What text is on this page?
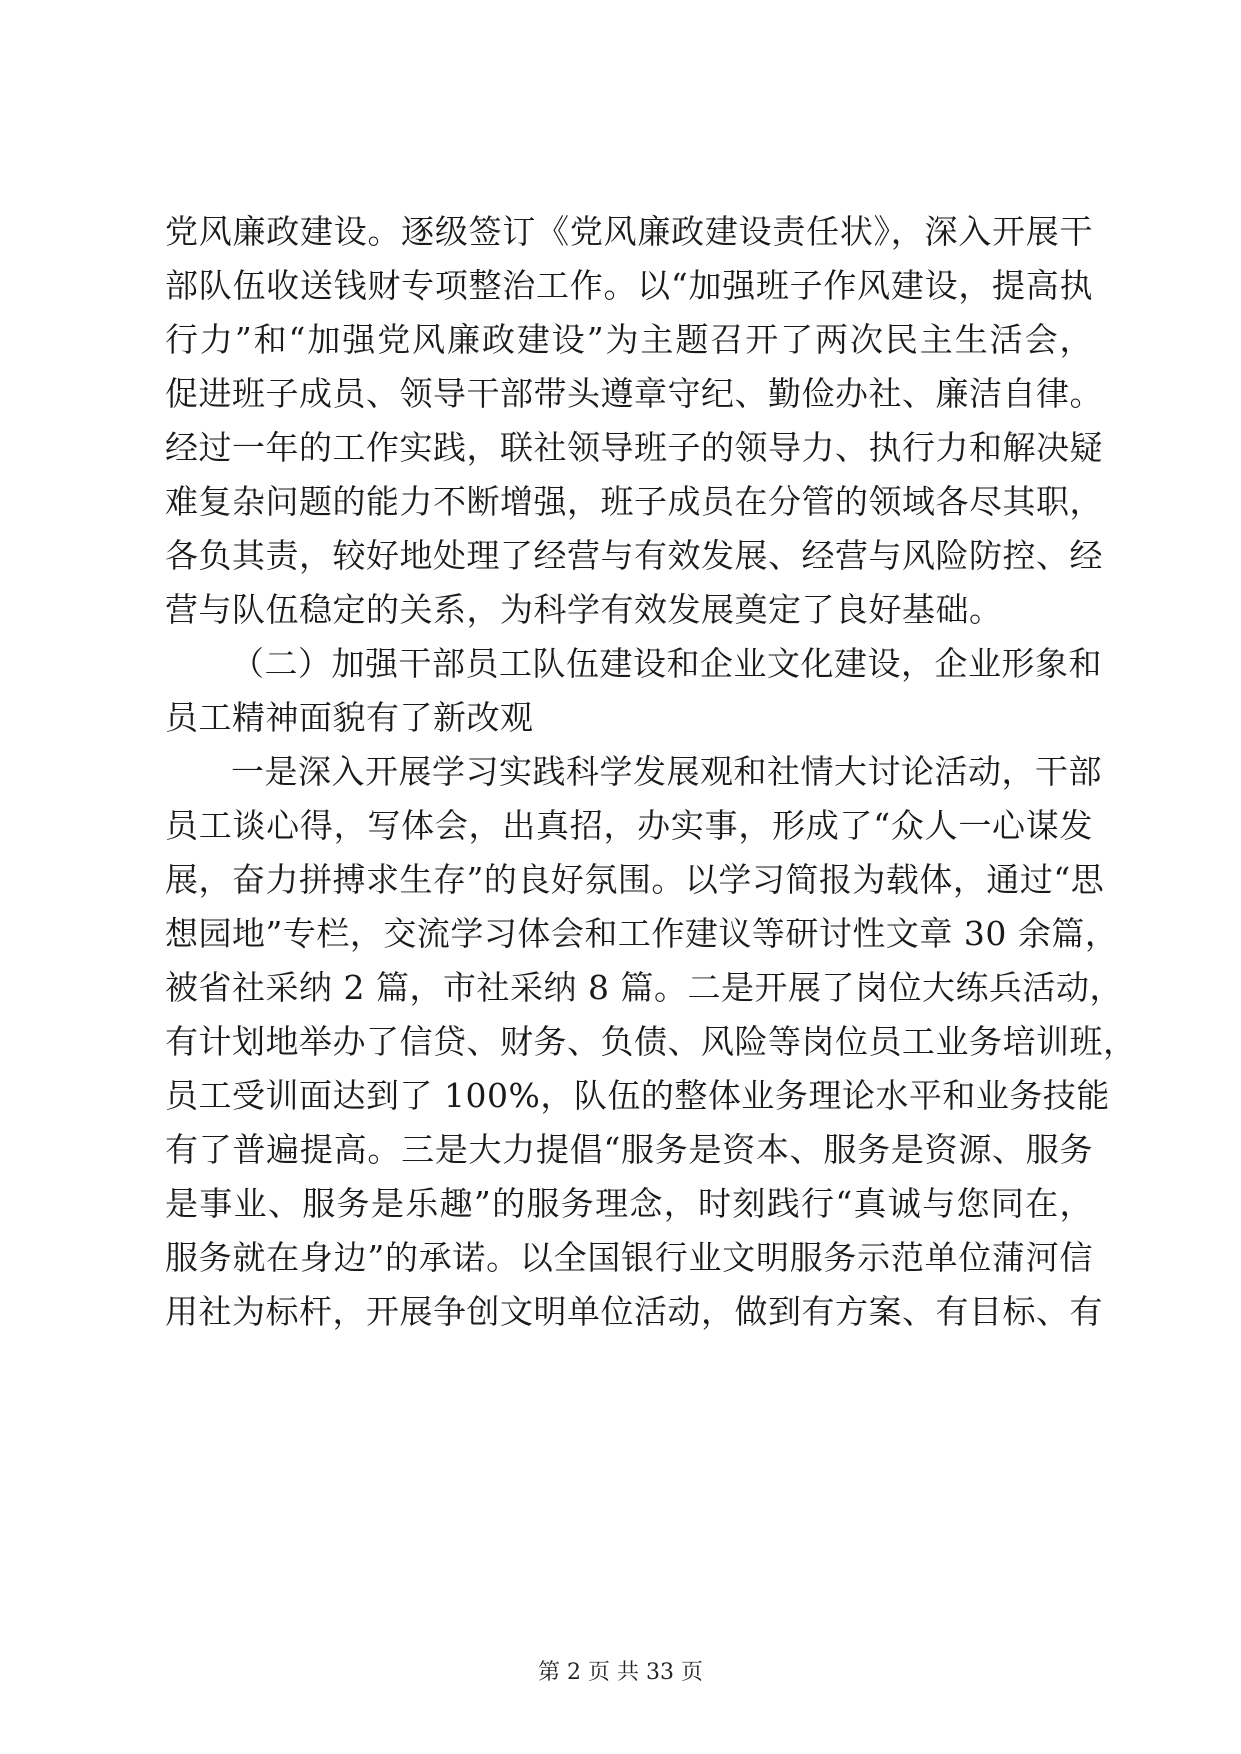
党风廉政建设。逐级签订《党风廉政建设责任状》，深入开展干
部队伍收送钱财专项整治工作。以“加强班子作风建设，提高执
行力”和“加强党风廉政建设”为主题召开了两次民主生活会，
促进班子成员、领导干部带头遵章守纪、勤俭办社、廉洁自律。
经过一年的工作实践，联社领导班子的领导力、执行力和解决疑
难复杂问题的能力不断增强，班子成员在分管的领域各尽其职，
各负其责，较好地处理了经营与有效发展、经营与风险防控、经
营与队伍稳定的关系，为科学有效发展奠定了良好基础。
（二）加强干部员工队伍建设和企业文化建设，企业形象和
员工精神面貌有了新改观
一是深入开展学习实践科学发展观和社情大讨论活动，干部
员工谈心得，写体会，出真招，办实事，形成了“众人一心谋发
展，奋力拼搏求生存”的良好氛围。以学习简报为载体，通过“思
想园地”专栏，交流学习体会和工作建议等研讨性文章 30 余篇，
被省社采纳 2 篇，市社采纳 8 篇。二是开展了岗位大练兵活动，
有计划地举办了信贷、财务、负债、风险等岗位员工业务培训班，
员工受训面达到了 100%，队伍的整体业务理论水平和业务技能
有了普遍提高。三是大力提倡“服务是资本、服务是资源、服务
是事业、服务是乐趣”的服务理念，时刻践行“真诚与您同在，
服务就在身边”的承诺。以全国银行业文明服务示范单位蒲河信
用社为标杆，开展争创文明单位活动，做到有方案、有目标、有
第 2 页 共 33 页
